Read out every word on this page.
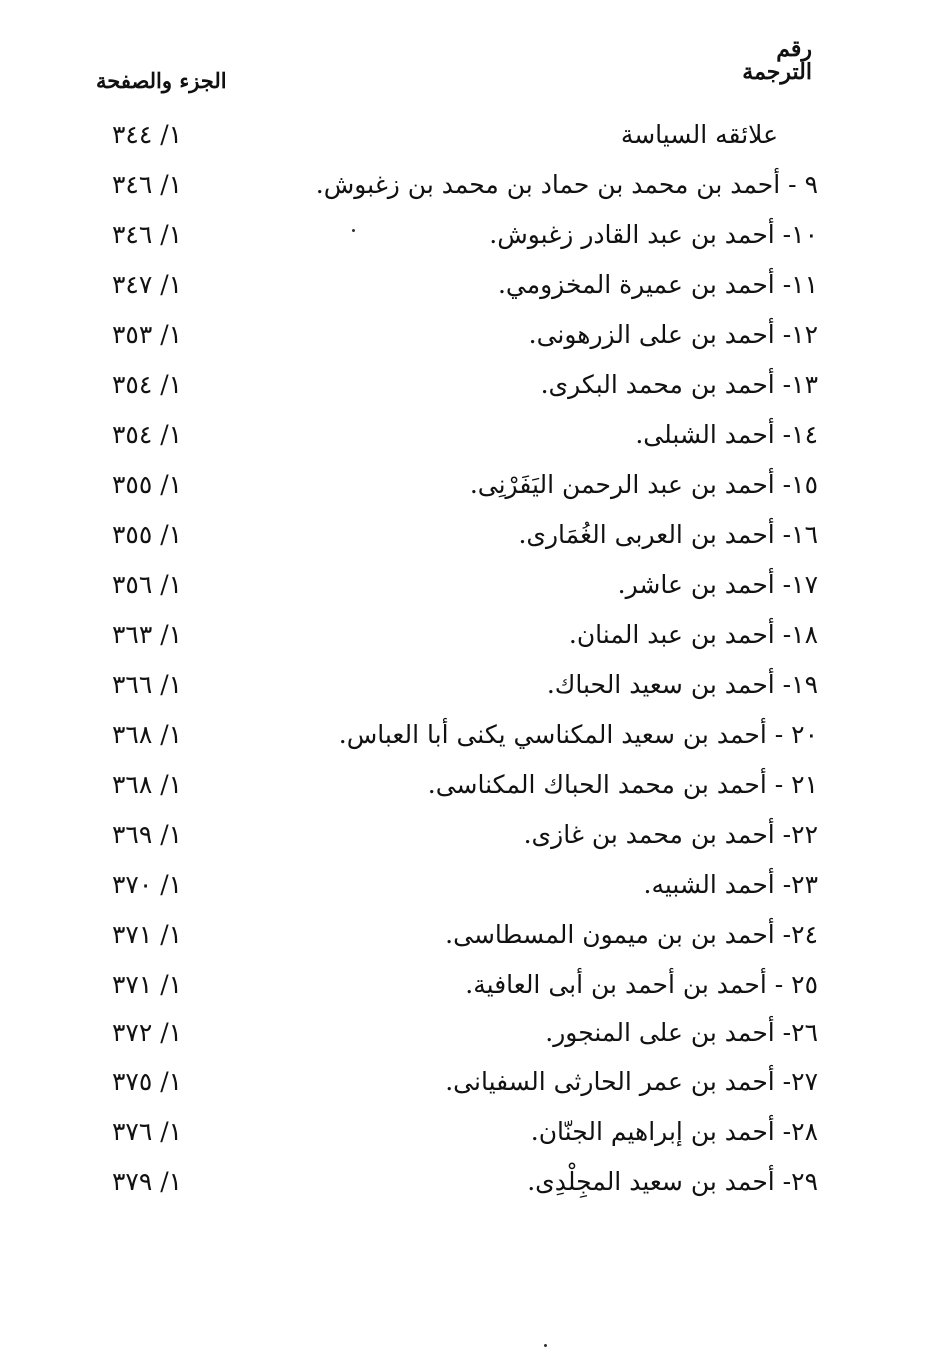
رقم
الترجمة
الجزء والصفحة
علائقه السياسة
١/ ٣٤٤
٩ - أحمد بن محمد بن حماد بن محمد بن زغبوش.
١/ ٣٤٦
١٠- أحمد بن عبد القادر زغبوش.
١/ ٣٤٦
١١- أحمد بن عميرة المخزومي.
١/ ٣٤٧
١٢- أحمد بن على الزرهونى.
١/ ٣٥٣
١٣- أحمد بن محمد البكرى.
١/ ٣٥٤
١٤- أحمد الشبلى.
١/ ٣٥٤
١٥- أحمد بن عبد الرحمن اليَفَرْنِى.
١/ ٣٥٥
١٦- أحمد بن العربى الغُمَارى.
١/ ٣٥٥
١٧- أحمد بن عاشر.
١/ ٣٥٦
١٨- أحمد بن عبد المنان.
١/ ٣٦٣
١٩- أحمد بن سعيد الحباك.
١/ ٣٦٦
٢٠ - أحمد بن سعيد المكناسي يكنى أبا العباس.
١/ ٣٦٨
٢١ - أحمد بن محمد الحباك المكناسى.
١/ ٣٦٨
٢٢- أحمد بن محمد بن غازى.
١/ ٣٦٩
٢٣- أحمد الشبيه.
١/ ٣٧٠
٢٤- أحمد بن بن ميمون المسطاسى.
١/ ٣٧١
٢٥ - أحمد بن أحمد بن أبى العافية.
١/ ٣٧١
٢٦- أحمد بن على المنجور.
١/ ٣٧٢
٢٧- أحمد بن عمر الحارثى السفيانى.
١/ ٣٧٥
٢٨- أحمد بن إبراهيم الجنّان.
١/ ٣٧٦
٢٩- أحمد بن سعيد المجِلْدِى.
١/ ٣٧٩
